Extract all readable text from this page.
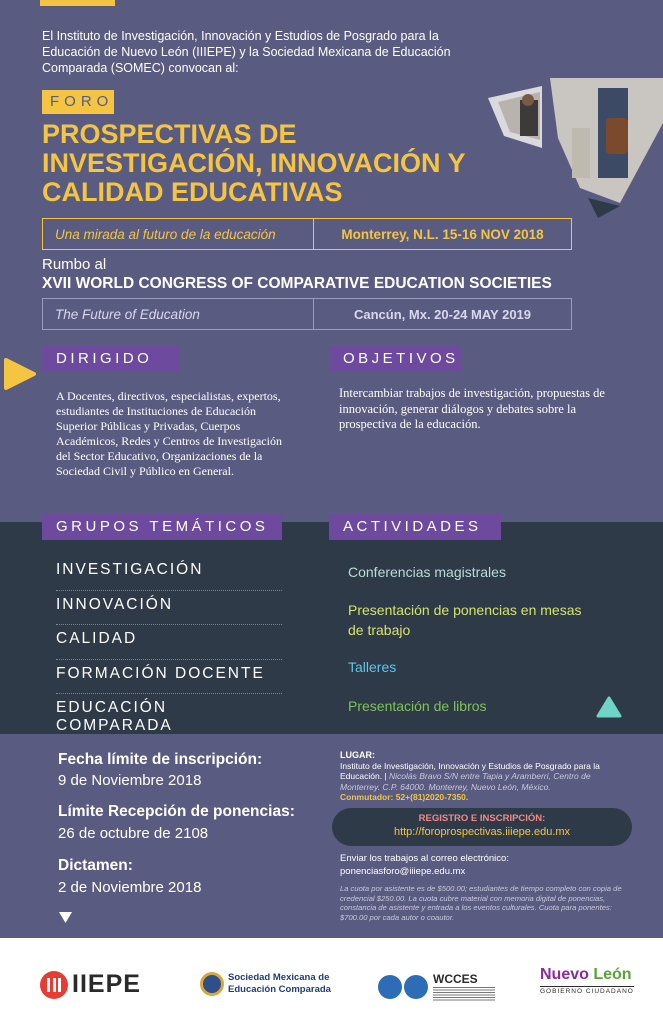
El Instituto de Investigación, Innovación y Estudios de Posgrado para la Educación de Nuevo León (IIIEPE) y la Sociedad Mexicana de Educación Comparada (SOMEC) convocan al:

FORO
PROSPECTIVAS DE INVESTIGACIÓN, INNOVACIÓN Y CALIDAD EDUCATIVAS
Una mirada al futuro de la educación	Monterrey, N.L. 15-16 NOV 2018
Rumbo al
XVII WORLD CONGRESS OF COMPARATIVE EDUCATION SOCIETIES
The Future of Education	Cancún, Mx. 20-24 MAY 2019
DIRIGIDO	OBJETIVOS

A Docentes, directivos, especialistas, expertos, estudiantes de Instituciones de Educación Superior Públicas y Privadas, Cuerpos Académicos, Redes y Centros de Investigación del Sector Educativo, Organizaciones de la Sociedad Civil y Público en General.

Intercambiar trabajos de investigación, propuestas de innovación, generar diálogos y debates sobre la prospectiva de la educación.

GRUPOS TEMÁTICOS	ACTIVIDADES
INVESTIGACIÓN
INNOVACIÓN
CALIDAD
FORMACIÓN DOCENTE
EDUCACIÓN COMPARADA
Conferencias magistrales
Presentación de ponencias en mesas de trabajo
Talleres
Presentación de libros
Fecha límite de inscripción:
9 de Noviembre 2018
Límite Recepción de ponencias:
26 de octubre de 2108
Dictamen:
2 de Noviembre 2018
LUGAR:
Instituto de Investigación, Innovación y Estudios de Posgrado para la Educación. | Nicolás Bravo S/N entre Tapia y Aramberri, Centro de Monterrey. C.P. 64000. Monterrey, Nuevo León, México.
Conmutador: 52+(81)2020-7350.
REGISTRO E INSCRIPCIÓN:
http://foroprospectivas.iiiepe.edu.mx
Enviar los trabajos al correo electrónico:
ponenciasforo@iiiepe.edu.mx

La cuota por asistente es de $500.00; estudiantes de tiempo completo con copia de credencial $250.00. La cuota cubre material con memoria digital de ponencias, constancia de asistente y entrada a los eventos culturales. Cuota para ponentes: $700.00 por cada autor o coautor.

IIEPE	Sociedad Mexicana de Educación Comparada
WCCES	Nuevo León
GOBIERNO CIUDADANO
